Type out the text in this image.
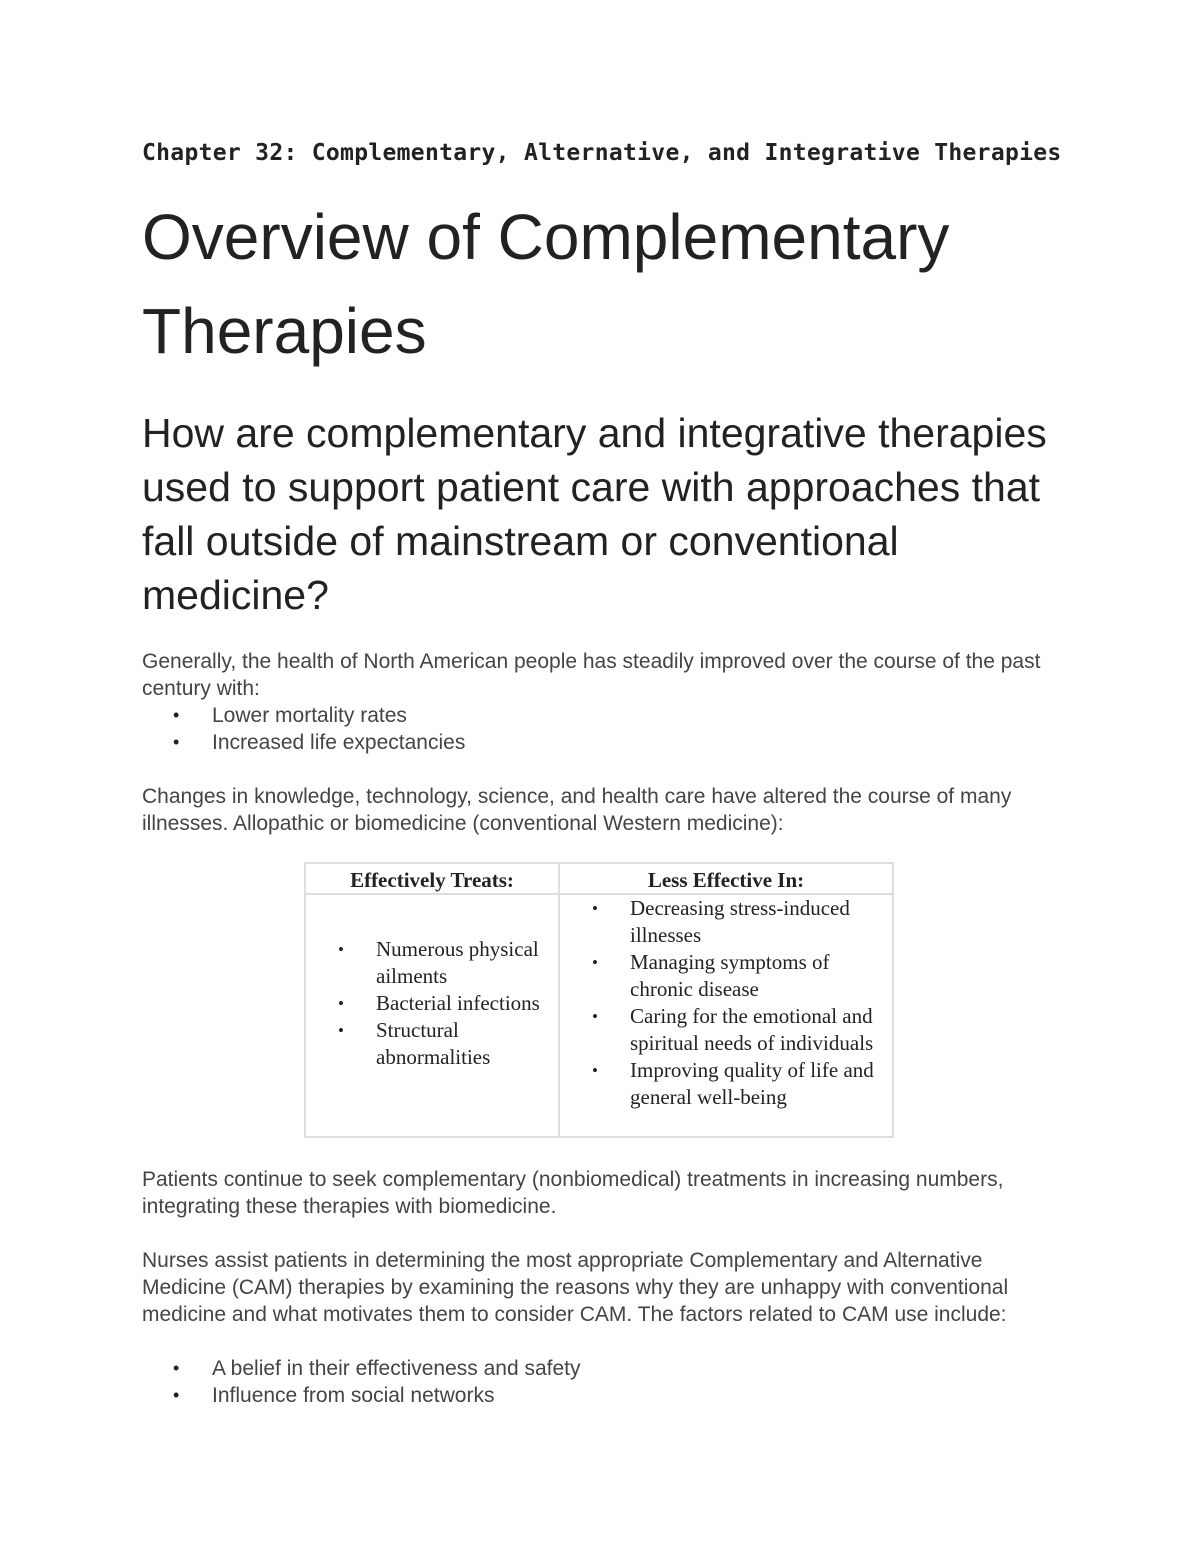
Chapter 32: Complementary, Alternative, and Integrative Therapies
Overview of Complementary Therapies
How are complementary and integrative therapies used to support patient care with approaches that fall outside of mainstream or conventional medicine?

Generally, the health of North American people has steadily improved over the course of the past century with:

• Lower mortality rates
• Increased life expectancies

Changes in knowledge, technology, science, and health care have altered the course of many illnesses. Allopathic or biomedicine (conventional Western medicine):

Patients continue to seek complementary (nonbiomedical) treatments in increasing numbers, integrating these therapies with biomedicine.

Nurses assist patients in determining the most appropriate Complementary and Alternative Medicine (CAM) therapies by examining the reasons why they are unhappy with conventional medicine and what motivates them to consider CAM. The factors related to CAM use include:

• A belief in their effectiveness and safety
• Influence from social networks
Effectively Treats:	Less Effective In:
• Numerous physical ailments
• Bacterial infections
• Structural abnormalities
• Decreasing stress-induced illnesses
• Managing symptoms of chronic disease
• Caring for the emotional and spiritual needs of individuals
• Improving quality of life and general well-being
